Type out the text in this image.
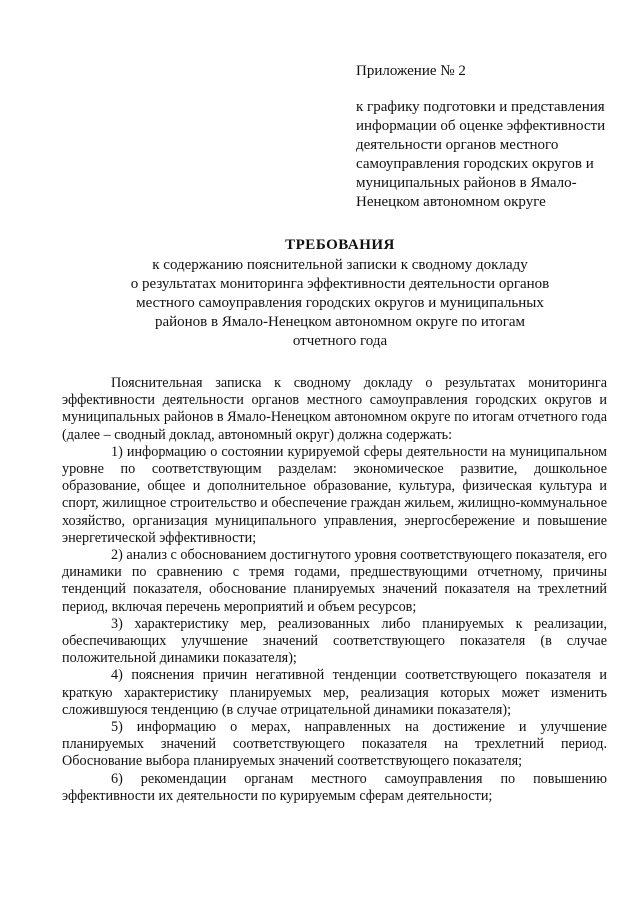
Приложение № 2
к графику подготовки и представления
информации об оценке эффективности
деятельности органов местного
самоуправления городских округов и
муниципальных районов в Ямало-
Ненецком автономном округе
ТРЕБОВАНИЯ
к содержанию пояснительной записки к сводному докладу
о результатах мониторинга эффективности деятельности органов
местного самоуправления городских округов и муниципальных
районов в Ямало-Ненецком автономном округе по итогам
отчетного года

Пояснительная записка к сводному докладу о результатах мониторинга эффективности деятельности органов местного самоуправления городских округов и муниципальных районов в Ямало-Ненецком автономном округе по итогам отчетного года (далее – сводный доклад, автономный округ) должна содержать:

1) информацию о состоянии курируемой сферы деятельности на муниципальном уровне по соответствующим разделам: экономическое развитие, дошкольное образование, общее и дополнительное образование, культура, физическая культура и спорт, жилищное строительство и обеспечение граждан жильем, жилищно-коммунальное хозяйство, организация муниципального управления, энергосбережение и повышение энергетической эффективности;

2) анализ с обоснованием достигнутого уровня соответствующего показателя, его динамики по сравнению с тремя годами, предшествующими отчетному, причины тенденций показателя, обоснование планируемых значений показателя на трехлетний период, включая перечень мероприятий и объем ресурсов;

3) характеристику мер, реализованных либо планируемых к реализации, обеспечивающих улучшение значений соответствующего показателя (в случае положительной динамики показателя);

4) пояснения причин негативной тенденции соответствующего показателя и краткую характеристику планируемых мер, реализация которых может изменить сложившуюся тенденцию (в случае отрицательной динамики показателя);

5) информацию о мерах, направленных на достижение и улучшение планируемых значений соответствующего показателя на трехлетний период. Обоснование выбора планируемых значений соответствующего показателя;

6) рекомендации органам местного самоуправления по повышению эффективности их деятельности по курируемым сферам деятельности;
